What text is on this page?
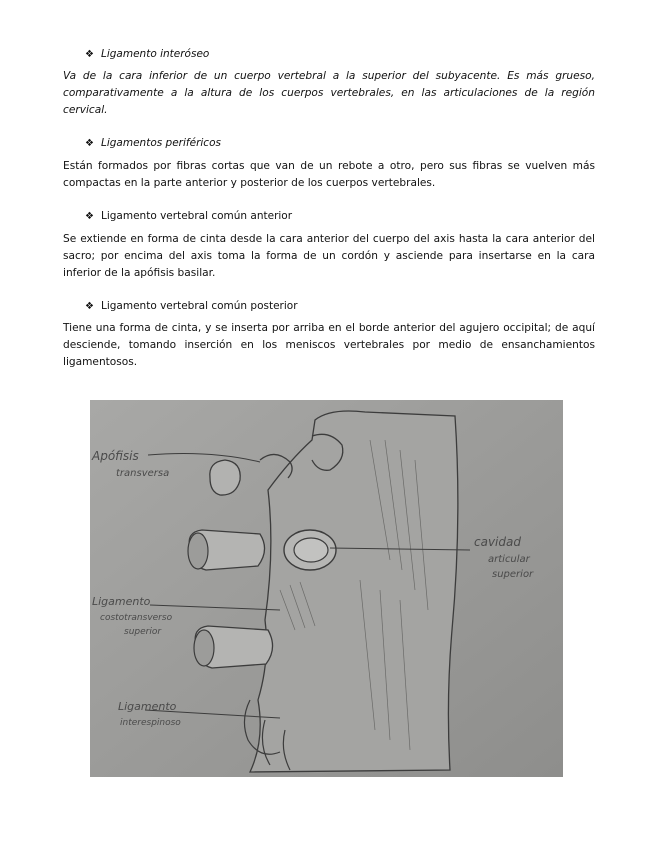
❖ Ligamento interóseo
Va de la cara inferior de un cuerpo vertebral a la superior del subyacente. Es más grueso, comparativamente a la altura de los cuerpos vertebrales, en las articulaciones de la región cervical.
❖ Ligamentos periféricos
Están formados por fibras cortas que van de un rebote a otro, pero sus fibras se vuelven más compactas en la parte anterior y posterior de los cuerpos vertebrales.
❖ Ligamento vertebral común anterior
Se extiende en forma de cinta desde la cara anterior del cuerpo del axis hasta la cara anterior del sacro; por encima del axis toma la forma de un cordón y asciende para insertarse en la cara inferior de la apófisis basilar.
❖ Ligamento vertebral común posterior
Tiene una forma de cinta, y se inserta por arriba en el borde anterior del agujero occipital; de aquí desciende, tomando inserción en los meniscos vertebrales por medio de ensanchamientos ligamentosos.
Apófisis
transversa
cavidad
articular
superior
Ligamento
costotransverso
superior
Ligamento
interespinoso
